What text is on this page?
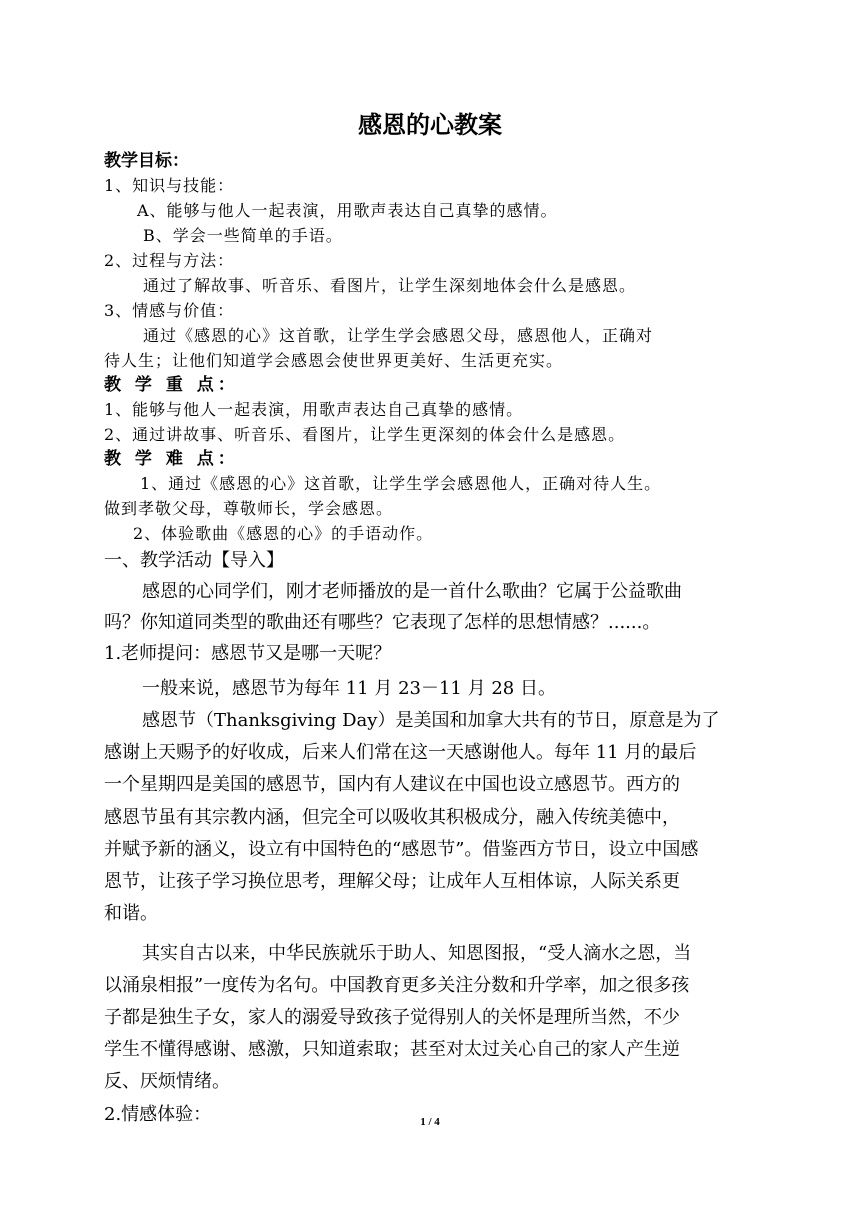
感恩的心教案
教学目标：
1、知识与技能：
A、能够与他人一起表演，用歌声表达自己真挚的感情。
B、学会一些简单的手语。
2、过程与方法：
通过了解故事、听音乐、看图片，让学生深刻地体会什么是感恩。
3、情感与价值：
通过《感恩的心》这首歌，让学生学会感恩父母，感恩他人，正确对
待人生；让他们知道学会感恩会使世界更美好、生活更充实。
教 学 重 点：
1、能够与他人一起表演，用歌声表达自己真挚的感情。
2、通过讲故事、听音乐、看图片，让学生更深刻的体会什么是感恩。
教 学 难 点：
1、通过《感恩的心》这首歌，让学生学会感恩他人，正确对待人生。
做到孝敬父母，尊敬师长，学会感恩。
2、体验歌曲《感恩的心》的手语动作。
一、教学活动【导入】
感恩的心同学们，刚才老师播放的是一首什么歌曲？它属于公益歌曲
吗？你知道同类型的歌曲还有哪些？它表现了怎样的思想情感？......。
1.老师提问：感恩节又是哪一天呢？
一般来说，感恩节为每年 11 月 23－11 月 28 日。
感恩节（Thanksgiving Day）是美国和加拿大共有的节日，原意是为了
感谢上天赐予的好收成，后来人们常在这一天感谢他人。每年 11 月的最后
一个星期四是美国的感恩节，国内有人建议在中国也设立感恩节。西方的
感恩节虽有其宗教内涵，但完全可以吸收其积极成分，融入传统美德中，
并赋予新的涵义，设立有中国特色的“感恩节”。借鉴西方节日，设立中国感
恩节，让孩子学习换位思考，理解父母；让成年人互相体谅，人际关系更
和谐。
其实自古以来，中华民族就乐于助人、知恩图报，“受人滴水之恩，当
以涌泉相报”一度传为名句。中国教育更多关注分数和升学率，加之很多孩
子都是独生子女，家人的溺爱导致孩子觉得别人的关怀是理所当然，不少
学生不懂得感谢、感激，只知道索取；甚至对太过关心自己的家人产生逆
反、厌烦情绪。
2.情感体验：	1 / 4
